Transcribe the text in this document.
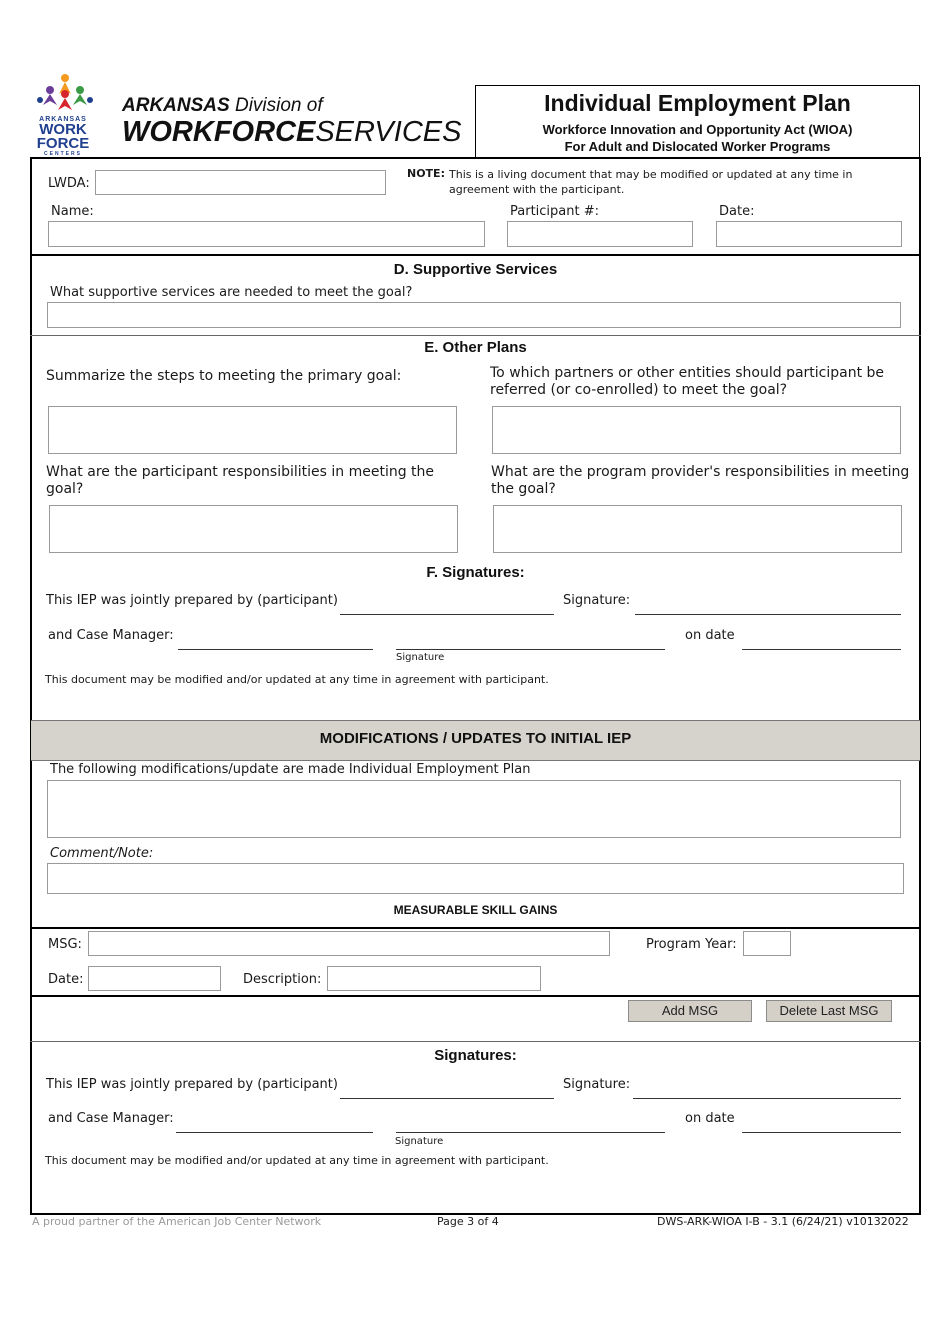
ARKANSAS
WORK
FORCE
CENTERS
ARKANSAS Division of
WORKFORCESERVICES
Individual Employment Plan
Workforce Innovation and Opportunity Act (WIOA)
For Adult and Dislocated Worker Programs
LWDA:
NOTE: This is a living document that may be modified or updated at any time in
agreement with the participant.
Name:	Participant #:	Date:
D. Supportive Services
What supportive services are needed to meet the goal?
E. Other Plans
Summarize the steps to meeting the primary goal:	To which partners or other entities should participant be
referred (or co-enrolled) to meet the goal?
What are the participant responsibilities in meeting the
goal?
What are the program provider's responsibilities in meeting
the goal?
F. Signatures:
This IEP was jointly prepared by (participant)	Signature:
and Case Manager:	on date
Signature
This document may be modified and/or updated at any time in agreement with participant.
MODIFICATIONS / UPDATES TO INITIAL IEP
The following modifications/update are made Individual Employment Plan
Comment/Note:
MEASURABLE SKILL GAINS
MSG:	Program Year:
Date:	Description:
Add MSG	Delete Last MSG
Signatures:
This IEP was jointly prepared by (participant)	Signature:
and Case Manager:	on date
Signature
This document may be modified and/or updated at any time in agreement with participant.
A proud partner of the American Job Center Network	Page 3 of 4	DWS-ARK-WIOA I-B - 3.1 (6/24/21) v10132022
